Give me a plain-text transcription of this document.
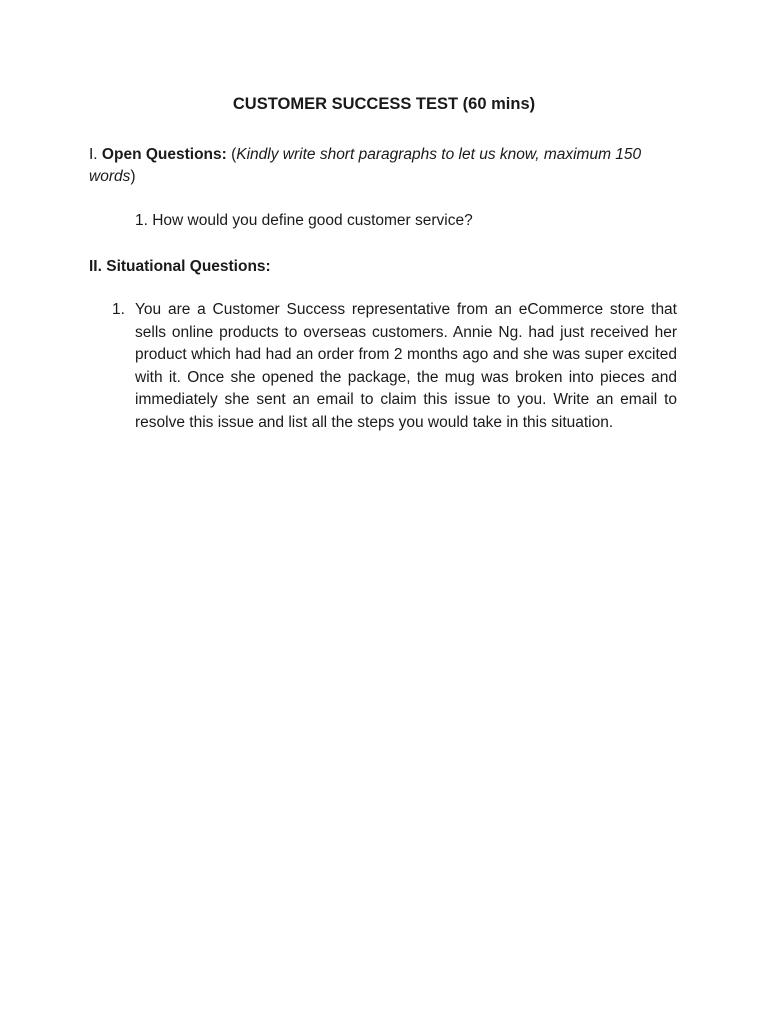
CUSTOMER SUCCESS TEST (60 mins)
I. Open Questions: (Kindly write short paragraphs to let us know, maximum 150 words)
1. How would you define good customer service?
II. Situational Questions:
1. You are a Customer Success representative from an eCommerce store that sells online products to overseas customers. Annie Ng. had just received her product which had had an order from 2 months ago and she was super excited with it. Once she opened the package, the mug was broken into pieces and immediately she sent an email to claim this issue to you. Write an email to resolve this issue and list all the steps you would take in this situation.
